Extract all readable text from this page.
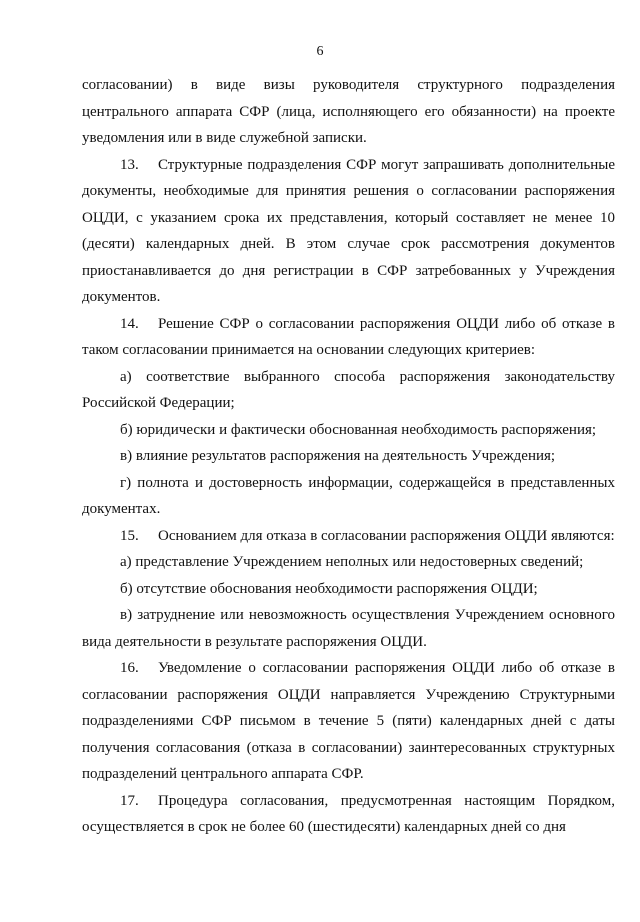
6

согласовании) в виде визы руководителя структурного подразделения центрального аппарата СФР (лица, исполняющего его обязанности) на проекте уведомления или в виде служебной записки.

13. Структурные подразделения СФР могут запрашивать дополнительные документы, необходимые для принятия решения о согласовании распоряжения ОЦДИ, с указанием срока их представления, который составляет не менее 10 (десяти) календарных дней. В этом случае срок рассмотрения документов приостанавливается до дня регистрации в СФР затребованных у Учреждения документов.

14. Решение СФР о согласовании распоряжения ОЦДИ либо об отказе в таком согласовании принимается на основании следующих критериев:

а) соответствие выбранного способа распоряжения законодательству Российской Федерации;

б) юридически и фактически обоснованная необходимость распоряжения;

в) влияние результатов распоряжения на деятельность Учреждения;

г) полнота и достоверность информации, содержащейся в представленных документах.

15. Основанием для отказа в согласовании распоряжения ОЦДИ являются:

а) представление Учреждением неполных или недостоверных сведений;

б) отсутствие обоснования необходимости распоряжения ОЦДИ;

в) затруднение или невозможность осуществления Учреждением основного вида деятельности в результате распоряжения ОЦДИ.

16. Уведомление о согласовании распоряжения ОЦДИ либо об отказе в согласовании распоряжения ОЦДИ направляется Учреждению Структурными подразделениями СФР письмом в течение 5 (пяти) календарных дней с даты получения согласования (отказа в согласовании) заинтересованных структурных подразделений центрального аппарата СФР.

17. Процедура согласования, предусмотренная настоящим Порядком, осуществляется в срок не более 60 (шестидесяти) календарных дней со дня
